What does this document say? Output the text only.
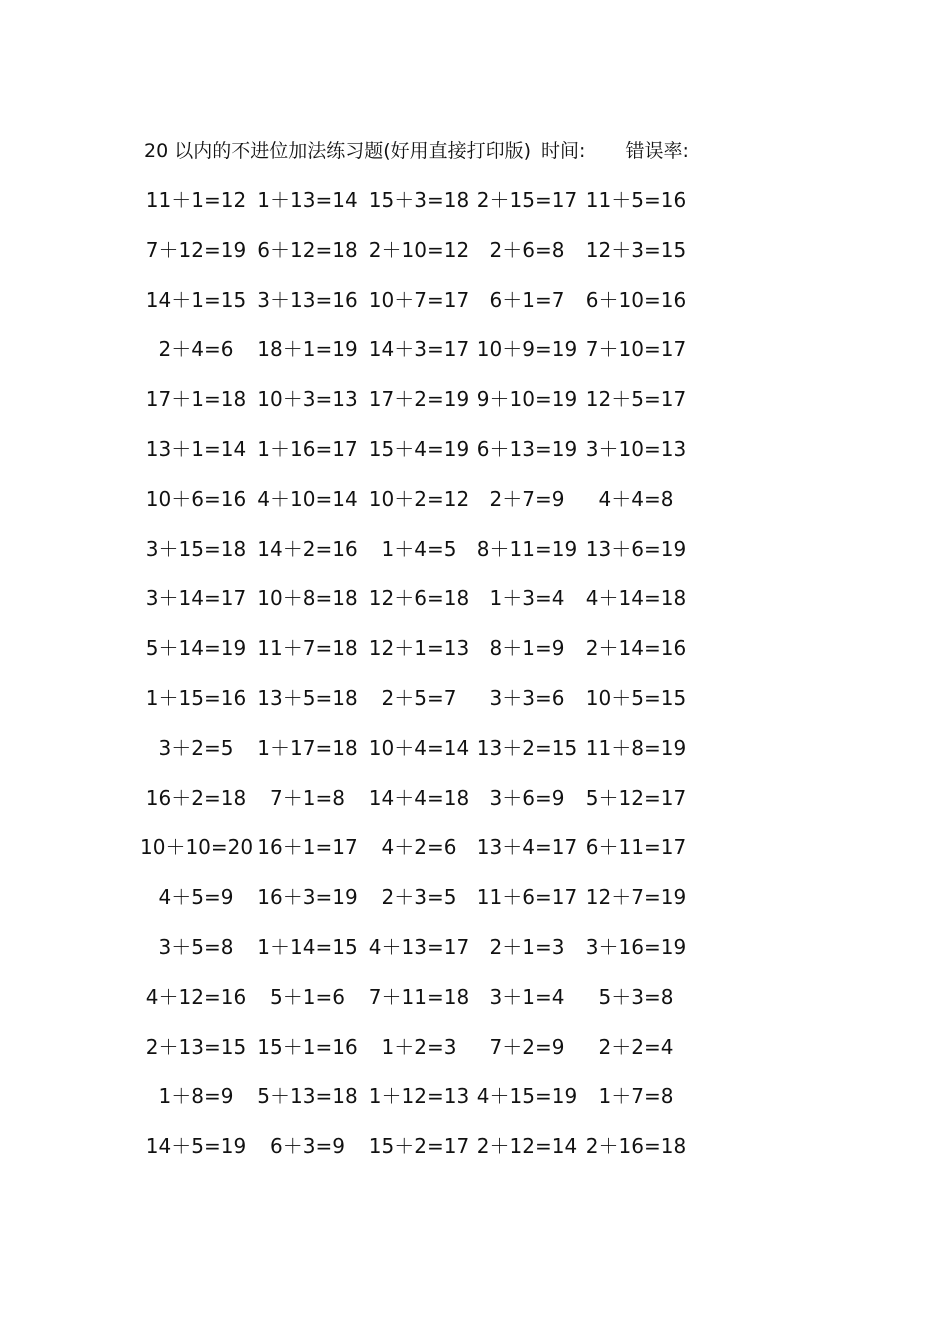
20 以内的不进位加法练习题(好用直接打印版) 时间: 错误率:
11＋1=12 1＋13=14 15＋3=18 2＋15=17 11＋5=16
7＋12=19 6＋12=18 2＋10=12	2＋6=8	12＋3=15
14＋1=15 3＋13=16 10＋7=17	6＋1=7	6＋10=16
2＋4=6	18＋1=19 14＋3=17 10＋9=19 7＋10=17
17＋1=18 10＋3=13 17＋2=19 9＋10=19 12＋5=17
13＋1=14 1＋16=17 15＋4=19 6＋13=19 3＋10=13
10＋6=16 4＋10=14 10＋2=12	2＋7=9	4＋4=8
3＋15=18 14＋2=16	1＋4=5	8＋11=19 13＋6=19
3＋14=17 10＋8=18 12＋6=18	1＋3=4	4＋14=18
5＋14=19 11＋7=18 12＋1=13	8＋1=9	2＋14=16
1＋15=16 13＋5=18	2＋5=7	3＋3=6	10＋5=15
3＋2=5	1＋17=18 10＋4=14 13＋2=15 11＋8=19
16＋2=18	7＋1=8	14＋4=18	3＋6=9	5＋12=17
10＋10=20 16＋1=17	4＋2=6	13＋4=17 6＋11=17
4＋5=9	16＋3=19	2＋3=5	11＋6=17 12＋7=19
3＋5=8	1＋14=15 4＋13=17	2＋1=3	3＋16=19
4＋12=16	5＋1=6	7＋11=18	3＋1=4	5＋3=8
2＋13=15 15＋1=16	1＋2=3	7＋2=9	2＋2=4
1＋8=9	5＋13=18 1＋12=13 4＋15=19	1＋7=8
14＋5=19	6＋3=9	15＋2=17 2＋12=14 2＋16=18
